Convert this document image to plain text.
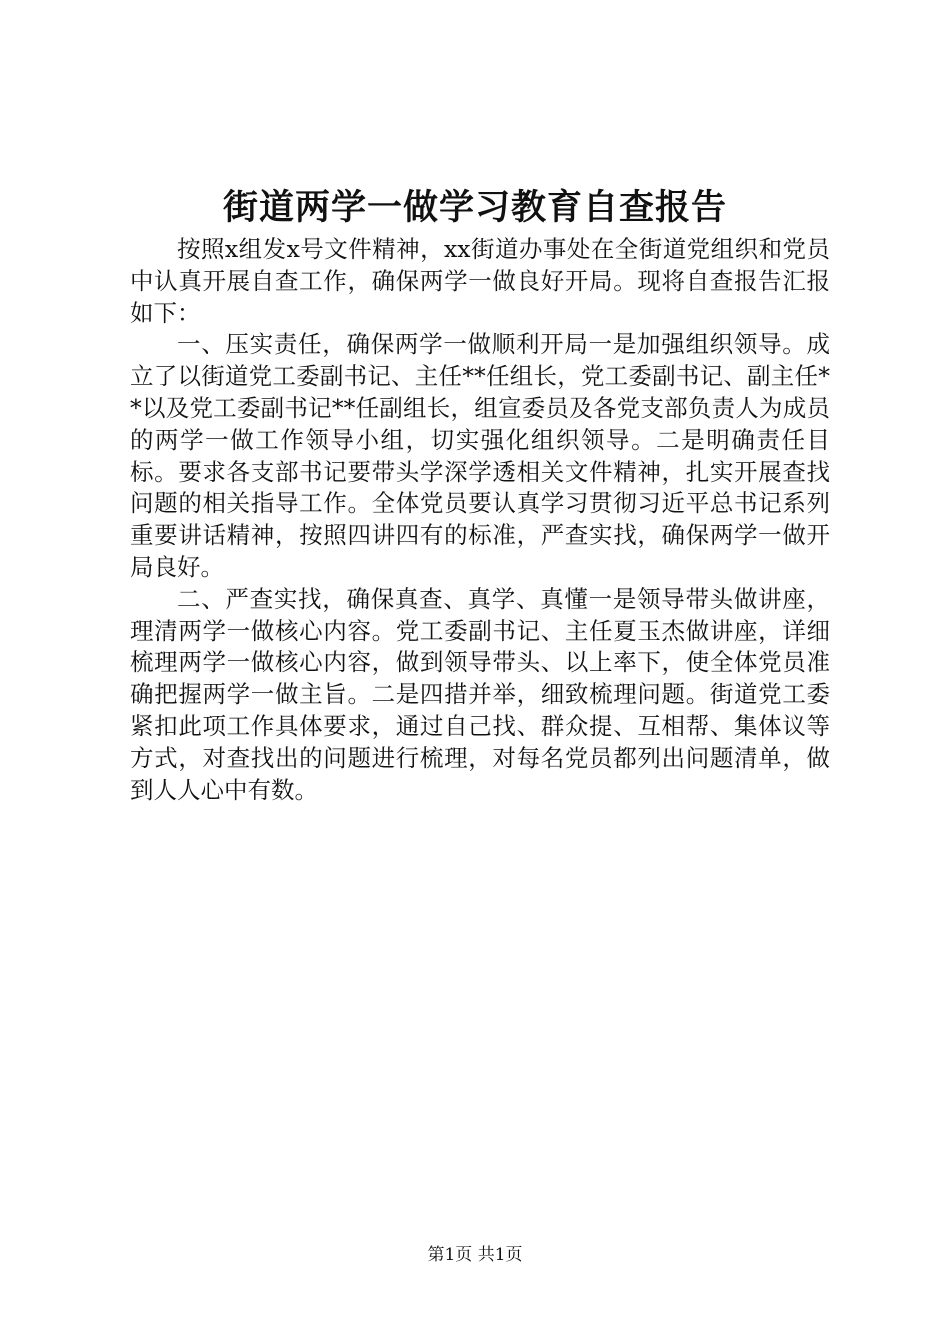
街道两学一做学习教育自查报告

按照x组发x号文件精神，xx街道办事处在全街道党组织和党员中认真开展自查工作，确保两学一做良好开局。现将自查报告汇报如下：

一、压实责任，确保两学一做顺利开局一是加强组织领导。成立了以街道党工委副书记、主任**任组长，党工委副书记、副主任**以及党工委副书记**任副组长，组宣委员及各党支部负责人为成员的两学一做工作领导小组，切实强化组织领导。二是明确责任目标。要求各支部书记要带头学深学透相关文件精神，扎实开展查找问题的相关指导工作。全体党员要认真学习贯彻习近平总书记系列重要讲话精神，按照四讲四有的标准，严查实找，确保两学一做开局良好。

二、严查实找，确保真查、真学、真懂一是领导带头做讲座，理清两学一做核心内容。党工委副书记、主任夏玉杰做讲座，详细梳理两学一做核心内容，做到领导带头、以上率下，使全体党员准确把握两学一做主旨。二是四措并举，细致梳理问题。街道党工委紧扣此项工作具体要求，通过自己找、群众提、互相帮、集体议等方式，对查找出的问题进行梳理，对每名党员都列出问题清单，做到人人心中有数。

第1页 共1页
